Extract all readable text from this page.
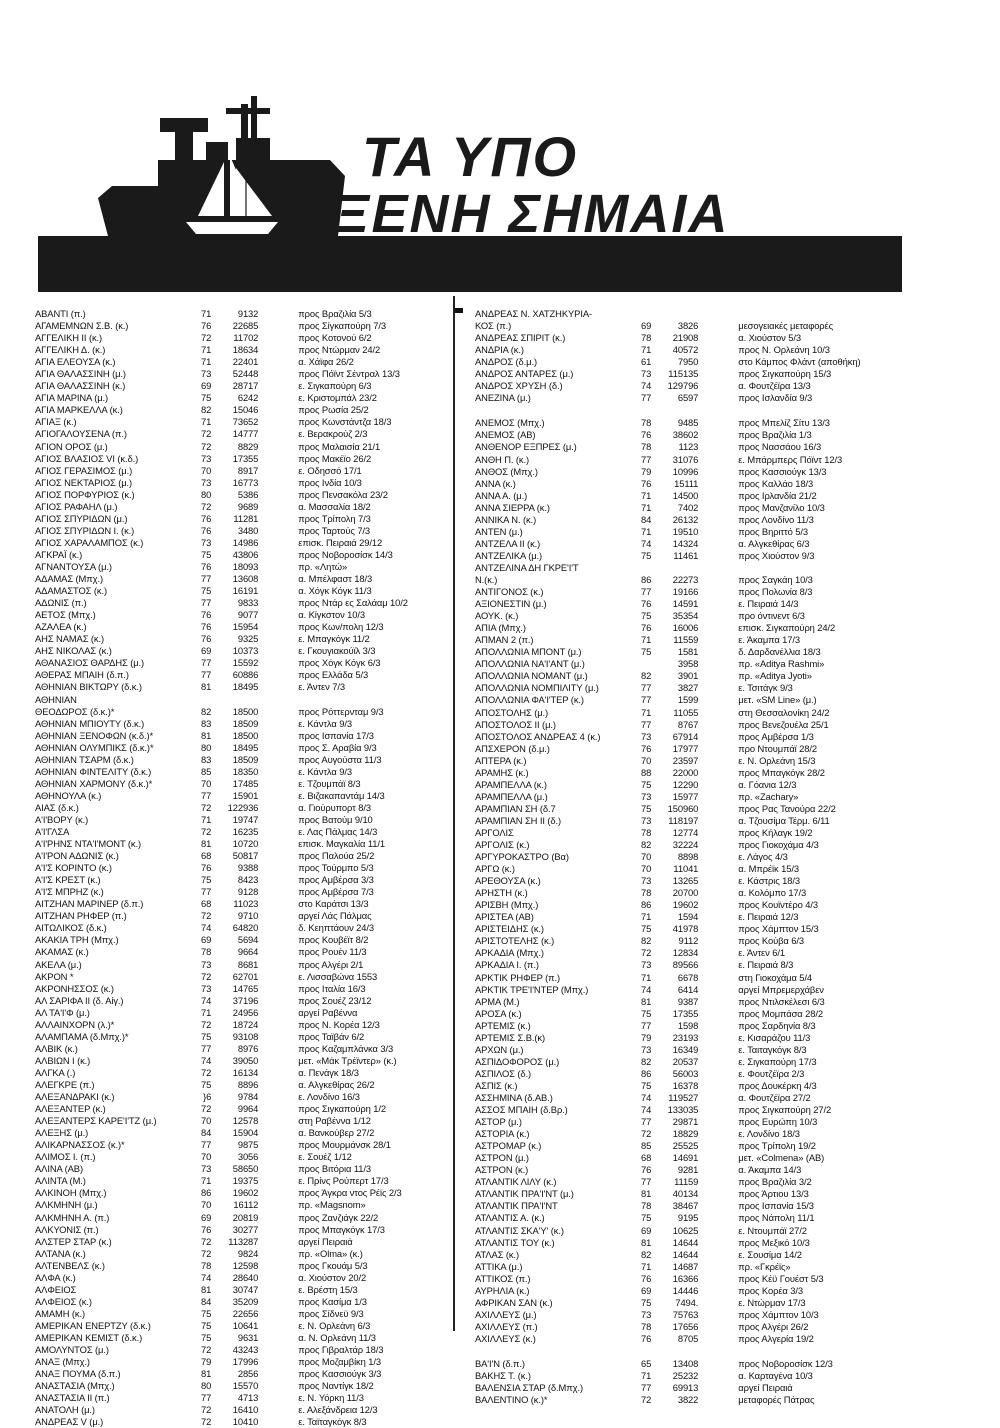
ΤΑ ΥΠΟ
ΞΕΝΗ ΣΗΜΑΙΑ
ΑΒΑΝΤΙ (π.)	71	9132	προς Βραζιλία 5/3
ΑΓΑΜΕΜΝΩΝ Σ.Β. (κ.)	76	22685	προς Σίγκαπούρη 7/3
ΑΓΓΕΛΙΚΗ ΙΙ (κ.)	72	11702	προς Κοτονού 6/2
ΑΓΓΕΛΙΚΗ Δ. (κ.)	71	18634	προς Ντώρμαν 24/2
ΑΓΙΑ ΕΛΕΟΥΣΑ (κ.)	71	22401	α. Χάϊφα 26/2
ΑΓΙΑ ΘΑΛΑΣΣΙΝΗ (μ.)	73	52448	προς Πόϊντ Σέντραλ 13/3
ΑΓΙΑ ΘΑΛΑΣΣΙΝΗ (κ.)	69	28717	ε. Σιγκαπούρη 6/3
ΑΓΙΑ ΜΑΡΙΝΑ (μ.)	75	6242	ε. Κριστομπάλ 23/2
ΑΓΙΑ ΜΑΡΚΕΛΛΑ (κ.)	82	15046	προς Ρωσία 25/2
ΑΓΙΑΞ (κ.)	71	73652	προς Κωνστάντζα 18/3
ΑΓΙΟΓΑΛΟΥΣΕΝΑ (π.)	72	14777	ε. Βερακρούζ 2/3
ΑΓΙΟΝ ΟΡΟΣ (μ.)	72	8829	προς Μαλαισία 21/1
ΑΓΙΟΣ ΒΛΑΣΙΟΣ VI (κ.δ.)	73	17355	προς Μακέϊο 26/2
ΑΓΙΟΣ ΓΕΡΑΣΙΜΟΣ (μ.)	70	8917	ε. Οδησσό 17/1
ΑΓΙΟΣ ΝΕΚΤΑΡΙΟΣ (μ.)	73	16773	προς Ινδία 10/3
ΑΓΙΟΣ ΠΟΡΦΥΡΙΟΣ (κ.)	80	5386	προς Πενσακόλα 23/2
ΑΓΙΟΣ ΡΑΦΑΗΛ (μ.)	72	9689	α. Μασσαλία 18/2
ΑΓΙΟΣ ΣΠΥΡΙΔΩΝ (μ.)	76	11281	προς Τρίπολη 7/3
ΑΓΙΟΣ ΣΠΥΡΙΔΩΝ Ι. (κ.)	76	3480	προς Ταρτούς 7/3
ΑΓΙΟΣ ΧΑΡΑΛΑΜΠΟΣ (κ.)	73	14986	επισκ. Πειραιά 29/12
ΑΓΚΡΑΪ (κ.)	75	43806	προς Νοβοροσίσκ 14/3
ΑΓΝΑΝΤΟΥΣΑ (μ.)	76	18093	πρ. «Λητώ»
ΑΔΑΜΑΣ (Μπχ.)	77	13608	α. Μπέλφαστ 18/3
ΑΔΑΜΑΣΤΟΣ (κ.)	75	16191	α. Χόγκ Κόγκ 11/3
ΑΔΩΝΙΣ (π.)	77	9833	προς Ντάρ ες Σαλάαμ 10/2
ΑΕΤΟΣ (Μπχ.)	76	9077	α. Κίγκστον 10/3
ΑΖΑΛΕΑ (κ.)	76	15954	προς Κων/πολη 12/3
ΑΗΣ ΝΑΜΑΣ (κ.)	76	9325	ε. Μπαγκόγκ 11/2
ΑΗΣ ΝΙΚΟΛΑΣ (κ.)	69	10373	ε. Γκουγιακούϊλ 3/3
ΑΘΑΝΑΣΙΟΣ ΘΑΡΔΗΣ (μ.)	77	15592	προς Χόγκ Κόγκ 6/3
ΑΘΕΡΑΣ ΜΠΑΙΗ (δ.π.)	77	60886	προς Ελλάδα 5/3
ΑΘΗΝΙΑΝ ΒΙΚΤΩΡΥ (δ.κ.)	81	18495	ε. Άντεν 7/3
ΑΘΗΝΙΑΝ
ΘΕΟΔΩΡΟΣ (δ.κ.)*	82	18500	προς Ρόττερνταμ 9/3
ΑΘΗΝΙΑΝ ΜΠΙΟΥΤΥ (δ.κ.)	83	18509	ε. Κάντλα 9/3
ΑΘΗΝΙΑΝ ΞΕΝΟΦΩΝ (κ.δ.)*	81	18500	προς Ισπανία 17/3
ΑΘΗΝΙΑΝ ΟΛΥΜΠΙΚΣ (δ.κ.)*	80	18495	προς Σ. Αραβία 9/3
ΑΘΗΝΙΑΝ ΤΣΑΡΜ (δ.κ.)	83	18509	προς Αυγούστα 11/3
ΑΘΗΝΙΑΝ ΦΙΝΤΕΛΙΤΥ (δ.κ.)	85	18350	ε. Κάντλα 9/3
ΑΘΗΝΙΑΝ ΧΑΡΜΟΝΥ (δ.κ.)*	70	17485	ε. Τζουμπάϊ 8/3
ΑΘΗΝΟΥΛΑ (κ.)	77	15901	ε. Βιζακαπαντάμ 14/3
ΑΙΑΣ (δ.κ.)	72	122936	α. Γιούρυπορτ 8/3
Α'Ι'ΒΟΡΥ (κ.)	71	19747	προς Βατούμ 9/10
Α'Ι'ΓΛΣΑ	72	16235	ε. Λας Πάλμας 14/3
Α'Ι'ΡΗΝΣ ΝΤΑ'Ι'ΜΟΝΤ (κ.)	81	10720	επισκ. Μαγκαλία 11/1
Α'Ι'ΡΟΝ ΑΔΩΝΙΣ (κ.)	68	50817	προς Παλούα 25/2
Α'Ι'Σ ΚΟΡΙΝΤΟ (κ.)	76	9388	προς Τούρμπο 5/3
Α'Ι'Σ ΚΡΕΣΤ (κ.)	75	8423	προς Αμβέρσα 3/3
Α'Ι'Σ ΜΠΡΗΖ (κ.)	77	9128	προς Αμβέρσα 7/3
ΑΙΤΖΗΑΝ ΜΑΡΙΝΕΡ (δ.π.)	68	11023	στο Καράτσι 13/3
ΑΙΤΖΗΑΝ ΡΗΦΕΡ (π.)	72	9710	αργεί Λάς Πάλμας
ΑΙΤΩΛΙΚΟΣ (δ.κ.)	74	64820	δ. Κεηπτάουν 24/3
ΑΚΑΚΙΑ ΤΡΗ (Μπχ.)	69	5694	προς Κουβέϊτ 8/2
ΑΚΑΜΑΣ (κ.)	78	9664	προς Ρουέν 11/3
ΑΚΕΛΑ (μ.)	73	8681	προς Αλγέρι 2/1
ΑΚΡΟΝ *	72	62701	ε. Λισσαβώνα 1553
ΑΚΡΟΝΗΣΣΟΣ (κ.)	73	14765	προς Ιταλία 16/3
ΑΛ ΣΑΡΙΦΑ ΙΙ (δ. Αίγ.)	74	37196	προς Σουέζ 23/12
ΑΛ ΤΑ'Ι'Φ (μ.)	71	24956	αργεί Ραβέννα
ΑΛΛΑΙΝΧΟΡΝ (λ.)*	72	18724	προς Ν. Κορέα 12/3
ΑΛΑΜΠΑΜΑ (δ.Μπχ.)*	75	93108	προς Ταϊβάν 6/2
ΑΛΒΙΚ (κ.)	77	8976	προς Καζαμπλάνκα 3/3
ΑΛΒΙΩΝ Ι (κ.)	74	39050	μετ. «Μάκ Τρέϊντερ» (κ.)
ΑΛΓΚΑ (.)	72	16134	α. Πενάγκ 18/3
ΑΛΕΓΚΡΕ (π.)	75	8896	α. Αλγκεθίρας 26/2
ΑΛΕΞΑΝΔΡΑΚΙ (κ.)	}6	9784	ε. Λονδίνο 16/3
ΑΛΕΞΑΝΤΕΡ (κ.)	72	9964	προς Σιγκαπούρη 1/2
ΑΛΕΞΑΝΤΕΡΣ ΚΑΡΕ'Ι'ΤΖ (μ.)	70	12578	στη Ραβέννα 1/12
ΑΛΕΞΗΣ (μ.)	84	15904	α. Βανκούβερ 27/2
ΑΛΙΚΑΡΝΑΣΣΟΣ (κ.)*	77	9875	προς Μουρμάνσκ 28/1
ΑΛΙΜΟΣ Ι. (π.)	70	3056	ε. Σουέζ 1/12
ΑΛΙΝΑ (ΑΒ)	73	58650	προς Βιτόρια 11/3
ΑΛΙΝΤΑ (Μ.)	71	19375	ε. Πρίνς Ρούπερτ 17/3
ΑΛΚΙΝΟΗ (Μπχ.)	86	19602	προς Άγκρα ντος Ρέϊς 2/3
ΑΛΚΜΗΝΗ (μ.)	70	16112	πρ. «Magsnom»
ΑΛΚΜΗΝΗ Α. (π.)	69	20819	προς Ζανζιάγκ 22/2
ΑΛΚΥΟΝΙΣ (π.)	76	30277	προς Μπαγκόγκ 17/3
ΑΛΣΤΕΡ ΣΤΑΡ (κ.)	72	113287	αργεί Πειραιά
ΑΛΤΑΝΑ (κ.)	72	9824	πρ. «Olma» (κ.)
ΑΛΤΕΝΒΕΛΣ (κ.)	78	12598	προς Γκουάμ 5/3
ΑΛΦΑ (κ.)	74	28640	α. Χιούστον 20/2
ΑΛΦΕΙΟΣ	81	30747	ε. Βρέστη 15/3
ΑΛΦΕΙΟΣ (κ.)	84	35209	προς Κασίμα 1/3
ΑΜΑΜΗ (κ.)	75	22656	προς Σίδνεϋ 9/3
ΑΜΕΡΙΚΑΝ ΕΝΕΡΤΖΥ (δ.κ.)	75	10641	ε. Ν. Ορλεάνη 6/3
ΑΜΕΡΙΚΑΝ ΚΕΜΙΣΤ (δ.κ.)	75	9631	α. Ν. Ορλεάνη 11/3
ΑΜΟΛΥΝΤΟΣ (μ.)	72	43243	προς Γιβραλτάρ 18/3
ΑΝΑΞ (Μπχ.)	79	17996	προς Μοζαμβίκη 1/3
ΑΝΑΞ ΠΟΥΜΑ (δ.π.)	81	2856	προς Κασσιούγκ 3/3
ΑΝΑΣΤΑΣΙΑ (Μπχ.)	80	15570	προς Ναντίγκ 18/2
ΑΝΑΣΤΑΣΙΑ ΙΙ (π.)	77	4713	ε. Ν. Υόρκη 11/3
ΑΝΑΤΟΛΗ (μ.)	72	16410	ε. Αλεξάνδρεια 12/3
ΑΝΔΡΕΑΣ V (μ.)	72	10410	ε. Ταϊταγκόγκ 8/3
ΑΝΔΡΕΑΣ Ν. ΧΑΤΖΗΚΥΡΙΑ-
ΚΟΣ (π.)	69	3826	μεσογειακές μεταφορές
ΑΝΔΡΕΑΣ ΣΠΙΡΙΤ (κ.)	78	21908	α. Χιούστον 5/3
ΑΝΔΡΙΑ (κ.)	71	40572	προς Ν. Ορλεάνη 10/3
ΑΝΔΡΟΣ (δ.μ.)	61	7950	στο Κάμπος Φλάντ (αποθήκη)
ΑΝΔΡΟΣ ΑΝΤΑΡΕΣ (μ.)	73	115135	προς Σιγκαπούρη 15/3
ΑΝΔΡΟΣ ΧΡΥΣΗ (δ.)	74	129796	α. Φουτζέϊρα 13/3
ΑΝΕΖΙΝΑ (μ.)	77	6597	προς Ισλανδία 9/3
ΑΝΕΜΟΣ (Μπχ.)	78	9485	προς Μπελίζ Σίτυ 13/3
ΑΝΕΜΟΣ (ΑΒ)	76	38602	προς Βραζιλία 1/3
ΑΝΘΕΝΟΡ ΕΞΠΡΕΣ (μ.)	78	1123	προς Νασσάου 16/3
ΑΝΘΗ Π. (κ.)	77	31076	ε. Μπάρμπερς Πόϊντ 12/3
ΑΝΘΟΣ (Μπχ.)	79	10996	προς Κασσιούγκ 13/3
ΑΝΝΑ (κ.)	76	15111	προς Καλλάο 18/3
ΑΝΝΑ Α. (μ.)	71	14500	προς Ιρλανδία 21/2
ΑΝΝΑ ΣΙΕΡΡΑ (κ.)	71	7402	προς Μανζανίλο 10/3
ΑΝΝΙΚΑ Ν. (κ.)	84	26132	προς Λονδίνο 11/3
ΑΝΤΕΝ (μ.)	71	19510	προς Βηριττό 5/3
ΑΝΤΖΕΛΑ ΙΙ (κ.)	74	14324	α. Αλγκεθίρας 6/3
ΑΝΤΖΕΛΙΚΑ (μ.)	75	11461	προς Χιούστον 9/3
ΑΝΤΖΕΛΙΝΑ ΔΗ ΓΚΡΕ'Ι'Τ
Ν.(κ.)	86	22273	προς Σαγκάη 10/3
ΑΝΤΙΓΟΝΟΣ (κ.)	77	19166	προς Πολωνία 8/3
ΑΞΙΟΝΕΣΤΙΝ (μ.)	76	14591	ε. Πειραιά 14/3
ΑΟΥΚ. (κ.)	75	35354	προ όντινεντ 6/3
ΑΠΙΑ (Μπχ.)	76	16006	επισκ. Σιγκαπούρη 24/2
ΑΠΜΑΝ 2 (π.)	71	11559	ε. Άκαμπα 17/3
ΑΠΟΛΛΩΝΙΑ ΜΠΟΝΤ (μ.)	75	1581	δ. Δαρδανέλλια 18/3
ΑΠΟΛΛΩΝΙΑ ΝΑ'Ι'ΑΝΤ (μ.)	3958	πρ. «Aditya Rashmi»
ΑΠΟΛΛΩΝΙΑ ΝΟΜΑΝΤ (μ.)	82	3901	πρ. «Aditya Jyoti»
ΑΠΟΛΛΩΝΙΑ ΝΟΜΠΙΛΙΤΥ (μ.)	77	3827	ε. Τσιτάγκ 9/3
ΑΠΟΛΛΩΝΙΑ ΦΑ'Ι'ΤΕΡ (κ.)	77	1599	μετ. «SM Line» (μ.)
ΑΠΟΣΤΟΛΗΣ (μ.)	71	11055	στη Θεσσαλονίκη 24/2
ΑΠΟΣΤΟΛΟΣ ΙΙ (μ.)	77	8767	προς Βενεζουέλα 25/1
ΑΠΟΣΤΟΛΟΣ ΑΝΔΡΕΑΣ 4 (κ.)	73	67914	προς Αμβέρσα 1/3
ΑΠΣΧΕΡΟΝ (δ.μ.)	76	17977	προ Ντουμπάϊ 28/2
ΑΠΤΕΡΑ (κ.)	70	23597	ε. Ν. Ορλεάνη 15/3
ΑΡΑΜΗΣ (κ.)	88	22000	προς Μπαγκόγκ 28/2
ΑΡΑΜΠΕΛΛΑ (κ.)	75	12290	α. Γόανια 12/3
ΑΡΑΜΠΕΛΛΑ (μ.)	73	15977	πρ. «Zachary»
ΑΡΑΜΠΙΑΝ ΣΗ (δ.7	75	150960	προς Ρας Τανούρα 22/2
ΑΡΑΜΠΙΑΝ ΣΗ ΙΙ (δ.)	73	118197	α. Τζουσίμα Τέρμ. 6/11
ΑΡΓΟΛΙΣ	78	12774	προς Κήλαγκ 19/2
ΑΡΓΟΛΙΣ (κ.)	82	32224	προς Γιοκοχάμα 4/3
ΑΡΓΥΡΟΚΑΣΤΡΟ (Βα)	70	8898	ε. Λάγος 4/3
ΑΡΓΩ (κ.)	70	11041	α. Μπρέϊκ 15/3
ΑΡΕΘΟΥΣΑ (κ.)	73	13265	ε. Κάστρις 18/3
ΑΡΗΣΤΗ (κ.)	78	20700	α. Κολόμπο 17/3
ΑΡΙΣΒΗ (Μπχ.)	86	19602	προς Κουϊντέρο 4/3
ΑΡΙΣΤΕΑ (ΑΒ)	71	1594	ε. Πειραιά 12/3
ΑΡΙΣΤΕΙΔΗΣ (κ.)	75	41978	προς Χάμπτον 15/3
ΑΡΙΣΤΟΤΕΛΗΣ (κ.)	82	9112	προς Κούβα 6/3
ΑΡΚΑΔΙΑ (Μπχ.)	72	12834	ε. Άντεν 6/1
ΑΡΚΑΔΙΑ Ι. (π.)	73	89566	ε. Πειραιά 8/3
ΑΡΚΤΙΚ ΡΗΦΕΡ (π.)	71	6678	στη Γιοκοχάμα 5/4
ΑΡΚΤΙΚ ΤΡΕ'Ι'ΝΤΕΡ (Μπχ.)	74	6414	αργεί Μπρεμερχάβεν
ΑΡΜΑ (Μ.)	81	9387	προς Ντιλσκέλεσι 6/3
ΑΡΟΣΑ (κ.)	75	17355	προς Μομπάσα 28/2
ΑΡΤΕΜΙΣ (κ.)	77	1598	προς Σαρδηνία 8/3
ΑΡΤΕΜΙΣ Σ.Β.(κ)	79	23193	ε. Κισαράζου 11/3
ΑΡΧΩΝ (μ.)	73	16349	ε. Ταιταγκόγκ 8/3
ΑΣΠΙΔΟΦΟΡΟΣ (μ.)	82	20537	ε. Σιγκαπούρη 17/3
ΑΣΠΙΛΟΣ (δ.)	86	56003	ε. Φουτζέϊρα 2/3
ΑΣΠΙΣ (κ.)	75	16378	προς Δουκέρκη 4/3
ΑΣΣΗΜΙΝΑ (δ.ΑΒ.)	74	119527	α. Φουτζέϊρα 27/2
ΑΣΣΟΣ ΜΠΑΙΗ (δ.Βρ.)	74	133035	προς Σιγκαπούρη 27/2
ΑΣΤΟΡ (μ.)	77	29871	προς Ευρώπη 10/3
ΑΣΤΟΡΙΑ (κ.)	72	18829	ε. Λονδίνο 18/3
ΑΣΤΡΟΜΑΡ (κ.)	85	25525	προς Τρίπολη 19/2
ΑΣΤΡΟΝ (μ.)	68	14691	μετ. «Colmena» (ΑΒ)
ΑΣΤΡΟΝ (κ.)	76	9281	α. Άκαμπα 14/3
ΑΤΛΑΝΤΙΚ ΛΙΛΥ (κ.)	77	11159	προς Βραζιλία 3/2
ΑΤΛΑΝΤΙΚ ΠΡΑ'Ι'ΝΤ (μ.)	81	40134	προς Άρτιου 13/3
ΑΤΛΑΝΤΙΚ ΠΡΑ'Ι'ΝΤ	78	38467	προς Ισπανία 15/3
ΑΤΛΑΝΤΙΣ Α. (κ.)	75	9195	προς Νάπολη 11/1
ΑΤΛΑΝΤΙΣ ΣΚΑ'Υ' (κ.)	69	10625	ε. Ντουμπάϊ 27/2
ΑΤΛΑΝΤΙΣ ΤΟΥ (κ.)	81	14644	προς Μεξικό 10/3
ΑΤΛΑΣ (κ.)	82	14644	ε. Σουσίμα 14/2
ΑΤΤΙΚΑ (μ.)	71	14687	πρ. «Γκρέϊς»
ΑΤΤΙΚΟΣ (π.)	76	16366	προς Κέϋ Γουέστ 5/3
ΑΥΡΗΛΙΑ (κ.)	69	14446	προς Κορέα 3/3
ΑΦΡΙΚΑΝ ΣΑΝ (κ.)	75	7494.	ε. Ντώρμαν 17/3
ΑΧΙΛΛΕΥΣ (μ.)	73	75763	προς Χάμπτον 10/3
ΑΧΙΛΛΕΥΣ (π.)	78	17656	προς Αλγέρι 26/2
ΑΧΙΛΛΕΥΣ (κ.)	76	8705	προς Αλγερία 19/2
ΒΑ'Ι'Ν (δ.π.)	65	13408	προς Νοβοροσίσκ 12/3
ΒΑΚΗΣ Τ. (κ.)	71	25232	α. Καρταγένα 10/3
ΒΑΛΕΝΣΙΑ ΣΤΑΡ (δ.Μπχ.)	77	69913	αργεί Πειραιά
ΒΑΛΕΝΤΙΝΟ (κ.)*	72	3822	μεταφορές Πάτρας
